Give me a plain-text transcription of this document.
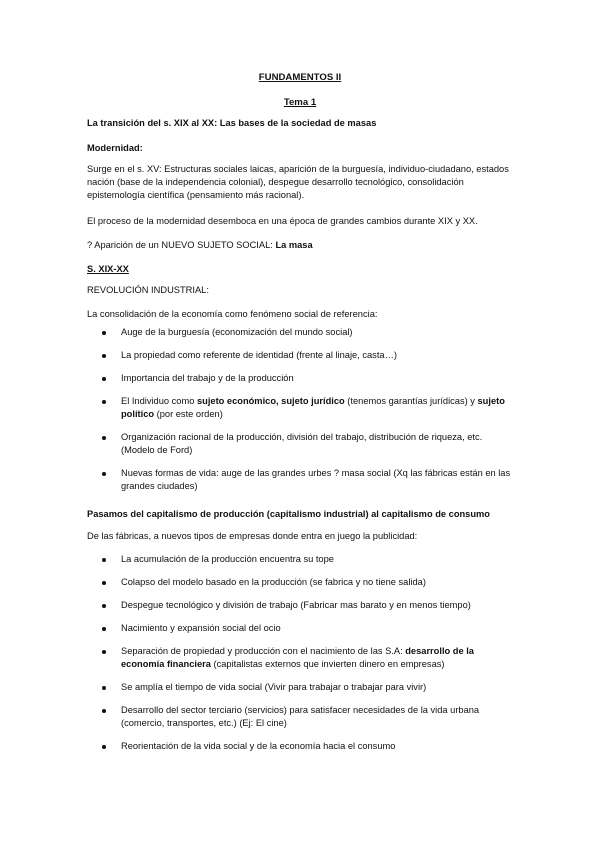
FUNDAMENTOS II
Tema 1
La transición del s. XIX al XX: Las bases de la sociedad de masas
Modernidad:
Surge en el s. XV: Estructuras sociales laicas, aparición de la burguesía, individuo-ciudadano, estados nación (base de la independencia colonial), despegue desarrollo tecnológico, consolidación epistemología científica (pensamiento más racional).
El proceso de la modernidad desemboca en una época de grandes cambios durante XIX y XX.
? Aparición de un NUEVO SUJETO SOCIAL: La masa
S. XIX-XX
REVOLUCIÓN INDUSTRIAL:
La consolidación de la economía como fenómeno social de referencia:
Auge de la burguesía (economización del mundo social)
La propiedad como referente de identidad (frente al linaje, casta…)
Importancia del trabajo y de la producción
El Individuo como sujeto económico, sujeto jurídico (tenemos garantías jurídicas) y sujeto político (por este orden)
Organización racional de la producción, división del trabajo, distribución de riqueza, etc. (Modelo de Ford)
Nuevas formas de vida: auge de las grandes urbes ? masa social (Xq las fábricas están en las grandes ciudades)
Pasamos del capitalismo de producción (capitalismo industrial) al capitalismo de consumo
De las fábricas, a nuevos tipos de empresas donde entra en juego la publicidad:
La acumulación de la producción encuentra su tope
Colapso del modelo basado en la producción (se fabrica y no tiene salida)
Despegue tecnológico y división de trabajo (Fabricar mas barato y en menos tiempo)
Nacimiento y expansión social del ocio
Separación de propiedad y producción con el nacimiento de las S.A: desarrollo de la economía financiera (capitalistas externos que invierten dinero en empresas)
Se amplía el tiempo de vida social (Vivir para trabajar o trabajar para vivir)
Desarrollo del sector terciario (servicios) para satisfacer necesidades de la vida urbana (comercio, transportes, etc.) (Ej: El cine)
Reorientación de la vida social y de la economía hacia el consumo
